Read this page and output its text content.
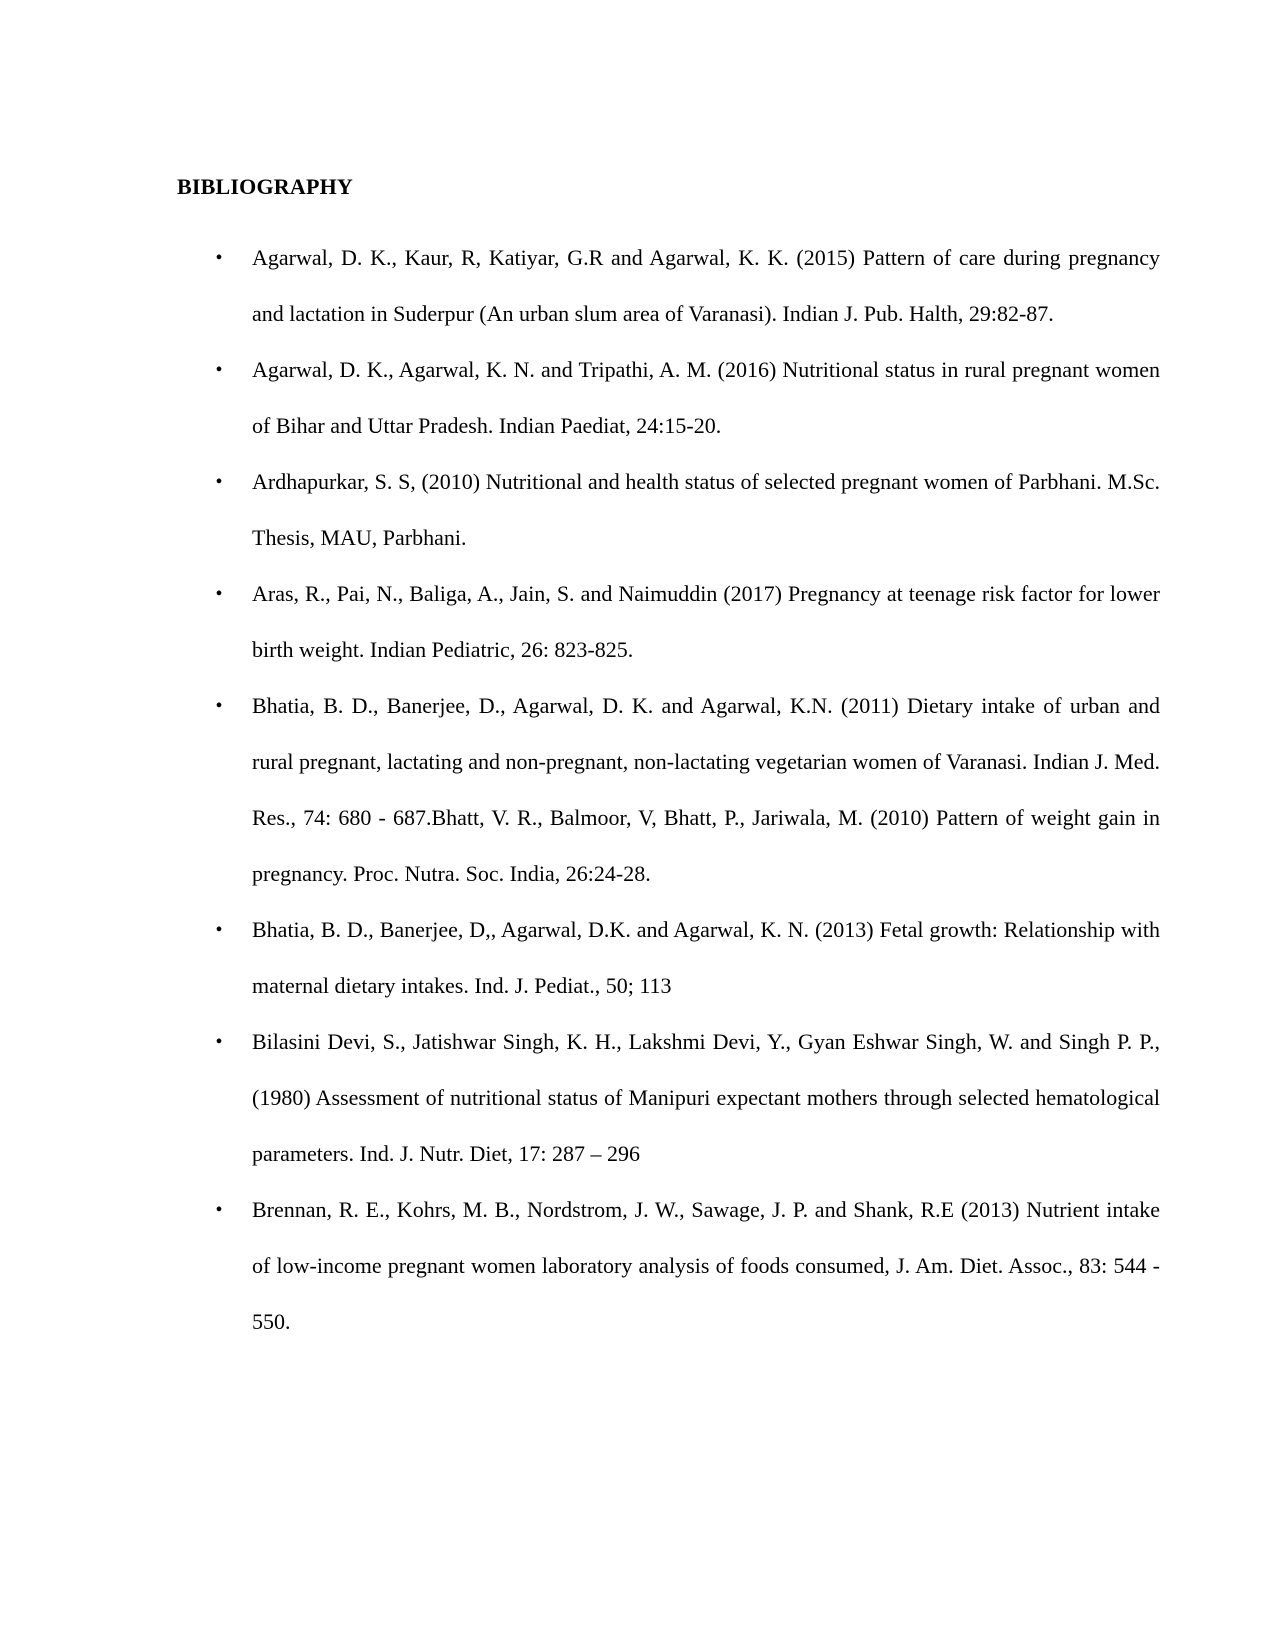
BIBLIOGRAPHY
• Agarwal, D. K., Kaur, R, Katiyar, G.R and Agarwal, K. K. (2015) Pattern of care during pregnancy and lactation in Suderpur (An urban slum area of Varanasi). Indian J. Pub. Halth, 29:82-87.
• Agarwal, D. K., Agarwal, K. N. and Tripathi, A. M. (2016) Nutritional status in rural pregnant women of Bihar and Uttar Pradesh. Indian Paediat, 24:15-20.
• Ardhapurkar, S. S, (2010) Nutritional and health status of selected pregnant women of Parbhani. M.Sc. Thesis, MAU, Parbhani.
• Aras, R., Pai, N., Baliga, A., Jain, S. and Naimuddin (2017) Pregnancy at teenage risk factor for lower birth weight. Indian Pediatric, 26: 823-825.
• Bhatia, B. D., Banerjee, D., Agarwal, D. K. and Agarwal, K.N. (2011) Dietary intake of urban and rural pregnant, lactating and non-pregnant, non-lactating vegetarian women of Varanasi. Indian J. Med. Res., 74: 680 - 687.Bhatt, V. R., Balmoor, V, Bhatt, P., Jariwala, M. (2010) Pattern of weight gain in pregnancy. Proc. Nutra. Soc. India, 26:24-28.
• Bhatia, B. D., Banerjee, D,, Agarwal, D.K. and Agarwal, K. N. (2013) Fetal growth: Relationship with maternal dietary intakes. Ind. J. Pediat., 50; 113
• Bilasini Devi, S., Jatishwar Singh, K. H., Lakshmi Devi, Y., Gyan Eshwar Singh, W. and Singh P. P., (1980) Assessment of nutritional status of Manipuri expectant mothers through selected hematological parameters. Ind. J. Nutr. Diet, 17: 287 – 296
• Brennan, R. E., Kohrs, M. B., Nordstrom, J. W., Sawage, J. P. and Shank, R.E (2013) Nutrient intake of low-income pregnant women laboratory analysis of foods consumed, J. Am. Diet. Assoc., 83: 544 - 550.
